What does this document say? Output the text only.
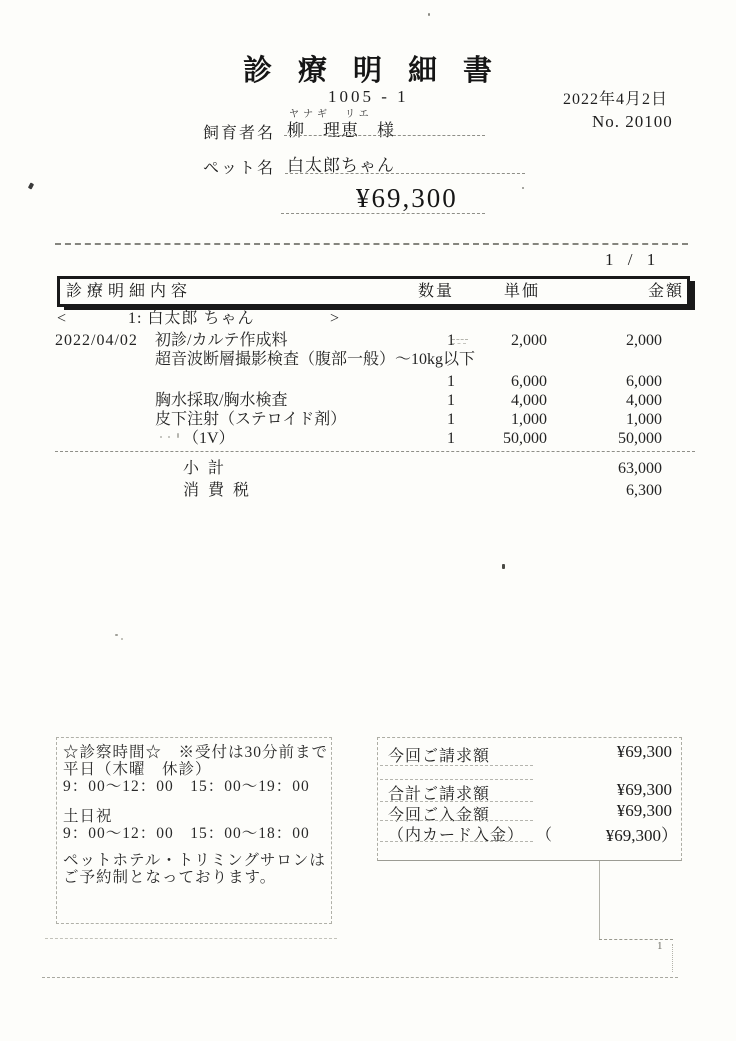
診療明細書
1005 - 1	2022年4月2日
No. 20100
ヤナギ　リエ
飼育者名 柳　理恵　様
ペット名 白太郎ちゃん
¥69,300
1 / 1
診療明細内容	数量	単価	金額
<	1: 白太郎 ちゃん	>
2022/04/02 初診/カルテ作成料	1	2,000	2,000
超音波断層撮影検査（腹部一般）～10kg以下
1	6,000	6,000
胸水採取/胸水検査	1	4,000	4,000
皮下注射（ステロイド剤）	1	1,000	1,000
（1V）	1	50,000	50,000
小計	63,000
消費税	6,300
☆診察時間☆　※受付は30分前まで
平日（木曜　休診）
9：00～12：00　15：00～19：00
土日祝
9：00～12：00　15：00～18：00
ペットホテル・トリミングサロンは
ご予約制となっております。
今回ご請求額	¥69,300
合計ご請求額	¥69,300
今回ご入金額	¥69,300
（内カード入金） （	¥69,300）
1
